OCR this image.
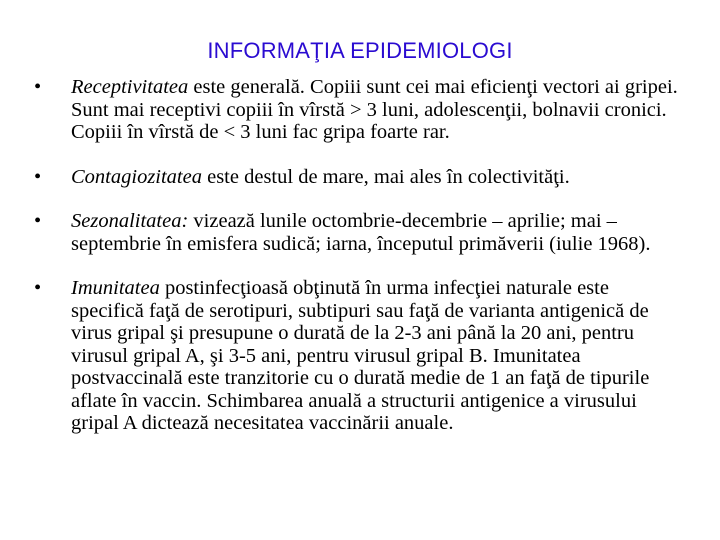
INFORMAŢIA EPIDEMIOLOGI
•	Receptivitatea este generală. Copiii sunt cei mai eficienţi vectori ai gripei. Sunt mai receptivi copiii în vîrstă > 3 luni, adolescenţii, bolnavii cronici. Copiii în vîrstă de < 3 luni fac gripa foarte rar.
•	Contagiozitatea este destul de mare, mai ales în colectivităţi.
•	Sezonalitatea: vizează lunile octombrie-decembrie – aprilie; mai – septembrie în emisfera sudică; iarna, începutul primăverii (iulie 1968).
•	Imunitatea postinfecţioasă obţinută în urma infecţiei naturale este specifică faţă de serotipuri, subtipuri sau faţă de varianta antigenică de virus gripal şi presupune o durată de la 2-3 ani până la 20 ani, pentru virusul gripal A, şi 3-5 ani, pentru virusul gripal B. Imunitatea postvaccinală este tranzitorie cu o durată medie de 1 an faţă de tipurile aflate în vaccin. Schimbarea anuală a structurii antigenice a virusului gripal A dictează necesitatea vaccinării anuale.
